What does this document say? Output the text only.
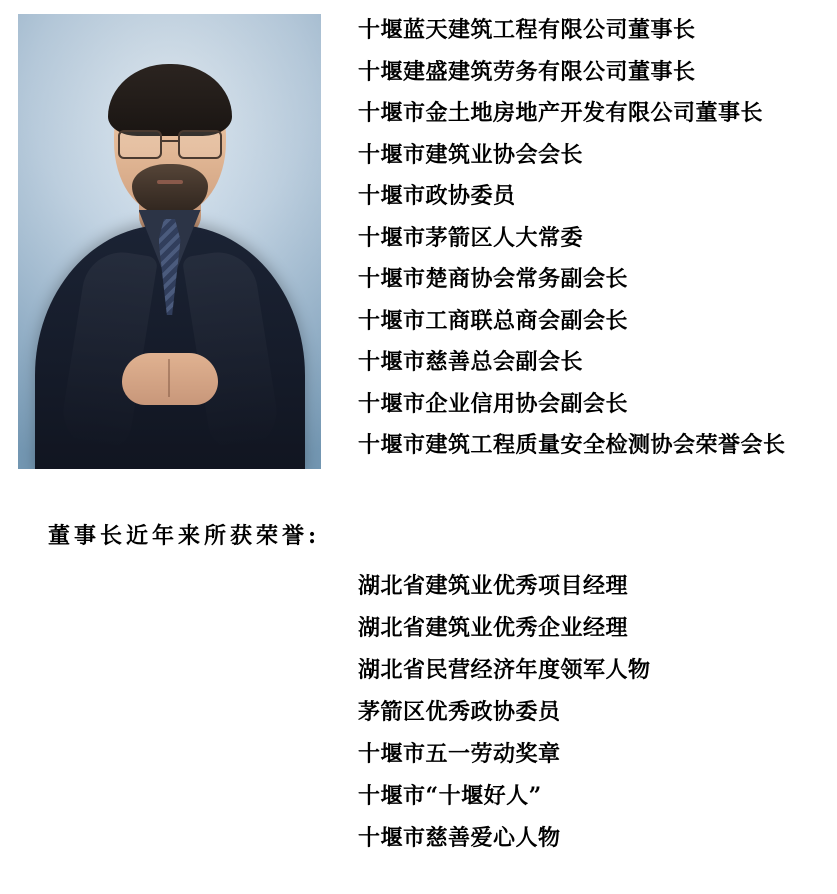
十堰蓝天建筑工程有限公司董事长
十堰建盛建筑劳务有限公司董事长
十堰市金土地房地产开发有限公司董事长
十堰市建筑业协会会长
十堰市政协委员
十堰市茅箭区人大常委
十堰市楚商协会常务副会长
十堰市工商联总商会副会长
十堰市慈善总会副会长
十堰市企业信用协会副会长
十堰市建筑工程质量安全检测协会荣誉会长
董事长近年来所获荣誉:
湖北省建筑业优秀项目经理
湖北省建筑业优秀企业经理
湖北省民营经济年度领军人物
茅箭区优秀政协委员
十堰市五一劳动奖章
十堰市“十堰好人”
十堰市慈善爱心人物
